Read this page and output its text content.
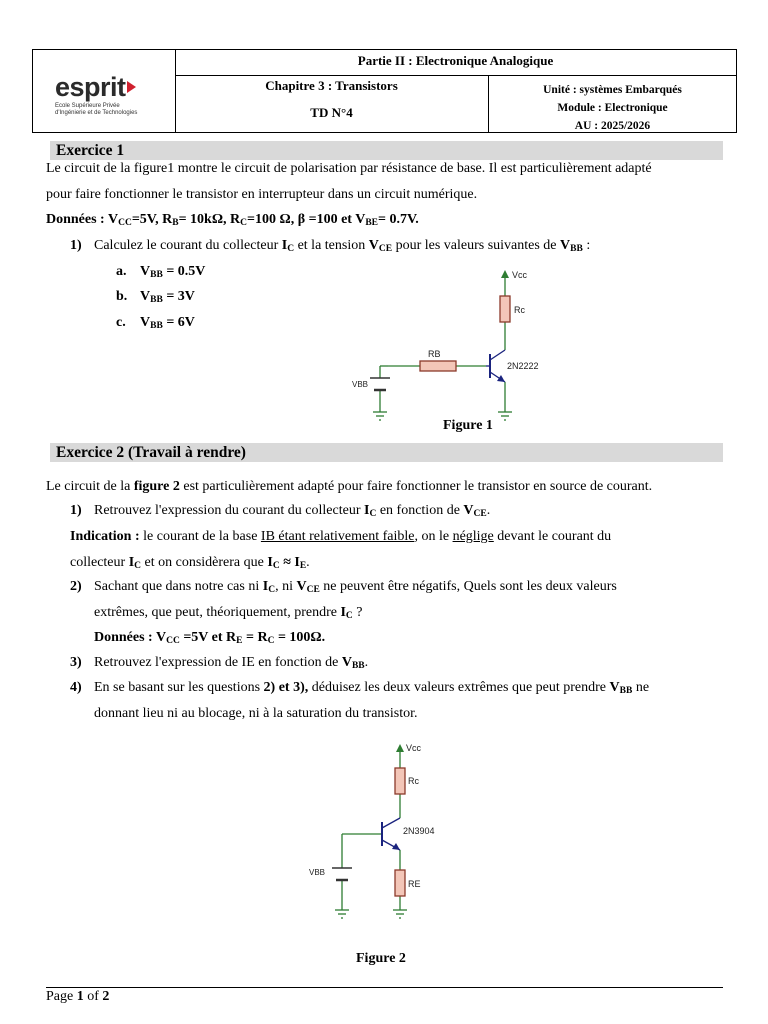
esprit
Ecole Supérieure Privée
d'Ingénierie et de Technologies
Partie II : Electronique Analogique
Chapitre 3 : Transistors
TD N°4
Unité : systèmes Embarqués
Module : Electronique
AU : 2025/2026
Exercice 1
Le circuit de la figure1 montre le circuit de polarisation par résistance de base. Il est particulièrement adapté
pour faire fonctionner le transistor en interrupteur dans un circuit numérique.
Données : $V_{CC}=5V$, $R_B= 10k\Omega$, $R_C=100$ Ω, β =100 et $V_{BE}= 0.7V$.
1) Calculez le courant du collecteur $I_C$ et la tension $V_{CE}$ pour les valeurs suivantes de $V_{BB}$ :
a. $V_{BB} = 0.5V$
b. $V_{BB} = 3V$
c. $V_{BB} = 6V$
Vcc
Rc
RB
2N2222
VBB
Figure 1
Exercice 2 (Travail à rendre)
Le circuit de la figure 2 est particulièrement adapté pour faire fonctionner le transistor en source de courant.
1) Retrouvez l'expression du courant du collecteur $I_C$ en fonction de $V_{CE}$.
Indication : le courant de la base IB étant relativement faible, on le néglige devant le courant du
collecteur $I_C$ et on considèrera que $I_C \approx I_E$.
2) Sachant que dans notre cas ni $I_C$, ni $V_{CE}$ ne peuvent être négatifs, Quels sont les deux valeurs
extrêmes, que peut, théoriquement, prendre $I_C$ ?
Données : $V_{CC} =5V$ et $R_E = R_C = 100\Omega$.
3) Retrouvez l'expression de IE en fonction de $V_{BB}$.
4) En se basant sur les questions 2) et 3), déduisez les deux valeurs extrêmes que peut prendre $V_{BB}$ ne
donnant lieu ni au blocage, ni à la saturation du transistor.
Vcc
Rc
2N3904
RE
VBB
Figure 2
Page 1 of 2
